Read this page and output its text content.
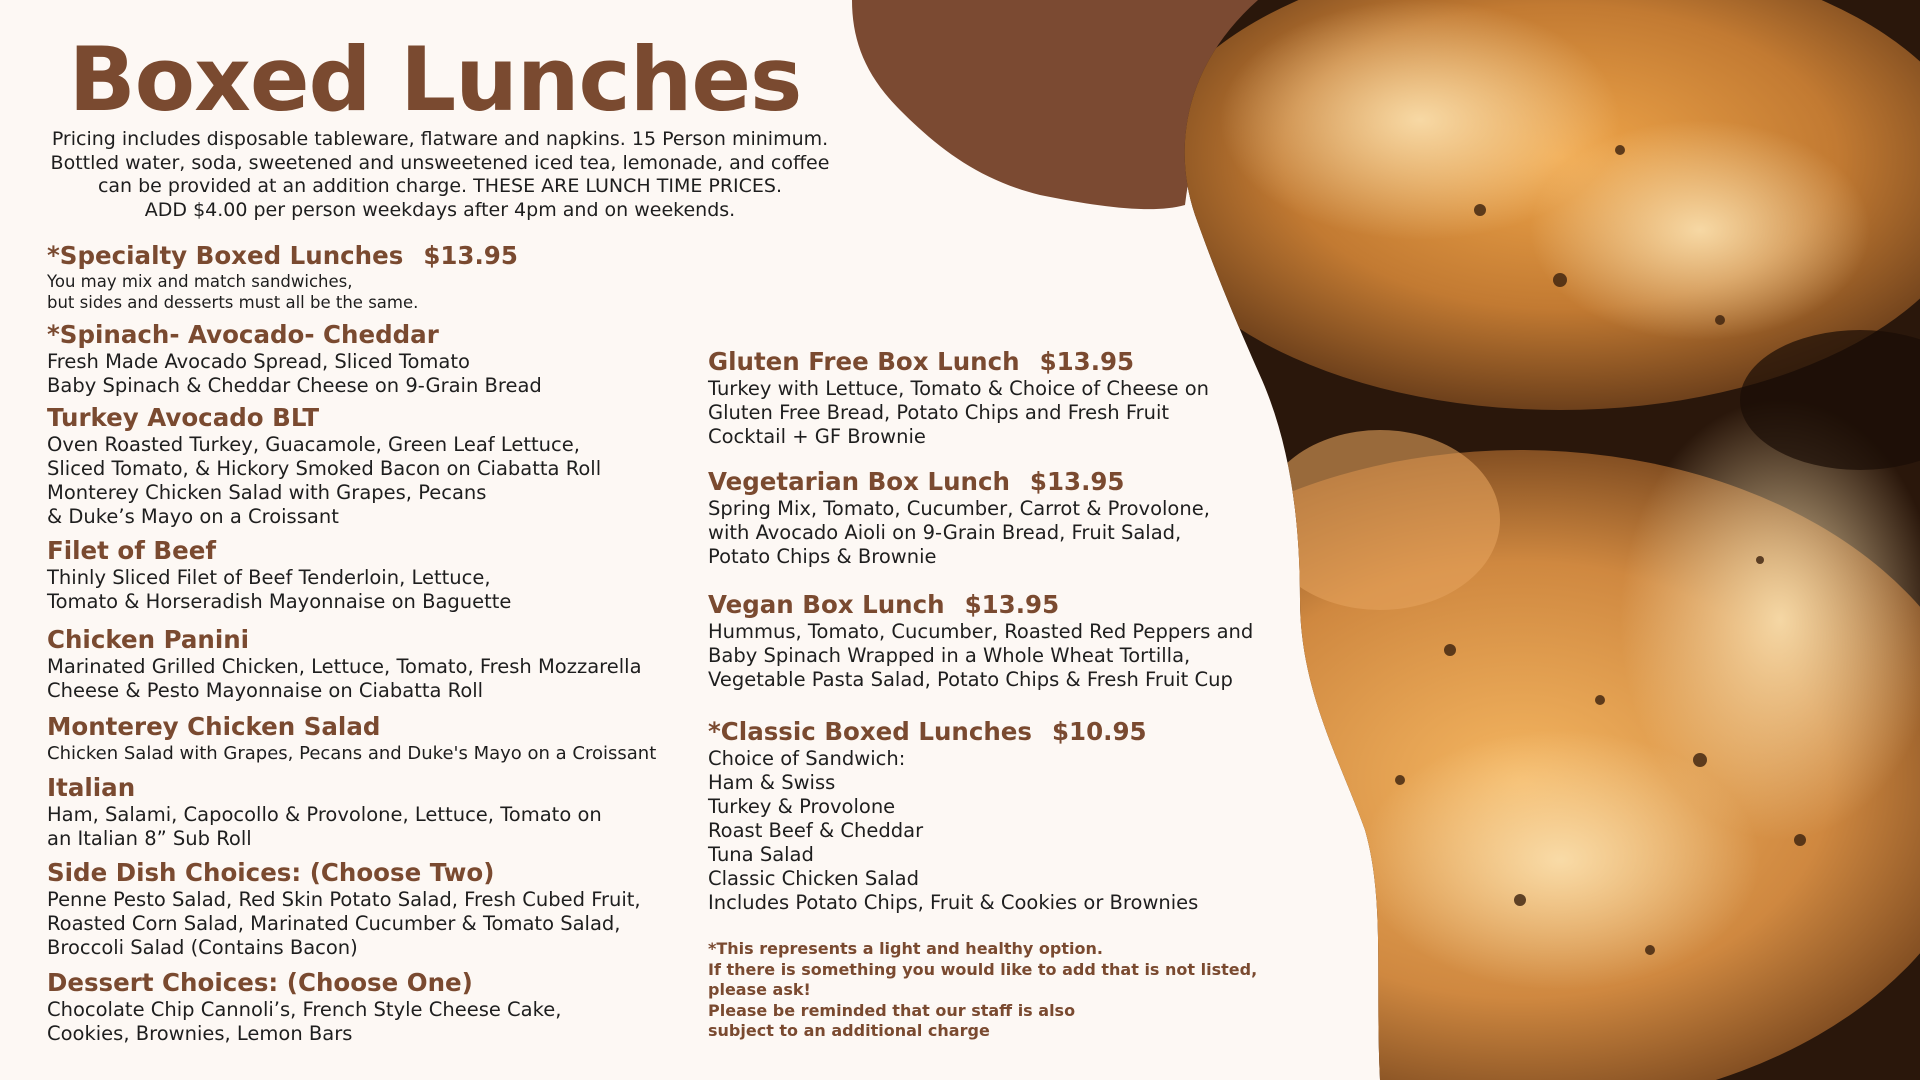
Boxed Lunches
Pricing includes disposable tableware, flatware and napkins. 15 Person minimum.
Bottled water, soda, sweetened and unsweetened iced tea, lemonade, and coffee
can be provided at an addition charge. THESE ARE LUNCH TIME PRICES.
ADD $4.00 per person weekdays after 4pm and on weekends.
*Specialty Boxed Lunches $13.95
You may mix and match sandwiches,
but sides and desserts must all be the same.
*Spinach- Avocado- Cheddar
Fresh Made Avocado Spread, Sliced Tomato
Baby Spinach & Cheddar Cheese on 9-Grain Bread
Turkey Avocado BLT
Oven Roasted Turkey, Guacamole, Green Leaf Lettuce,
Sliced Tomato, & Hickory Smoked Bacon on Ciabatta Roll
Monterey Chicken Salad with Grapes, Pecans
& Duke’s Mayo on a Croissant
Filet of Beef
Thinly Sliced Filet of Beef Tenderloin, Lettuce,
Tomato & Horseradish Mayonnaise on Baguette
Chicken Panini
Marinated Grilled Chicken, Lettuce, Tomato, Fresh Mozzarella
Cheese & Pesto Mayonnaise on Ciabatta Roll
Monterey Chicken Salad
Chicken Salad with Grapes, Pecans and Duke's Mayo on a Croissant
Italian
Ham, Salami, Capocollo & Provolone, Lettuce, Tomato on
an Italian 8” Sub Roll
Side Dish Choices: (Choose Two)
Penne Pesto Salad, Red Skin Potato Salad, Fresh Cubed Fruit,
Roasted Corn Salad, Marinated Cucumber & Tomato Salad,
Broccoli Salad (Contains Bacon)
Dessert Choices: (Choose One)
Chocolate Chip Cannoli’s, French Style Cheese Cake,
Cookies, Brownies, Lemon Bars
Gluten Free Box Lunch $13.95
Turkey with Lettuce, Tomato & Choice of Cheese on
Gluten Free Bread, Potato Chips and Fresh Fruit
Cocktail + GF Brownie
Vegetarian Box Lunch $13.95
Spring Mix, Tomato, Cucumber, Carrot & Provolone,
with Avocado Aioli on 9-Grain Bread, Fruit Salad,
Potato Chips & Brownie
Vegan Box Lunch $13.95
Hummus, Tomato, Cucumber, Roasted Red Peppers and
Baby Spinach Wrapped in a Whole Wheat Tortilla,
Vegetable Pasta Salad, Potato Chips & Fresh Fruit Cup
*Classic Boxed Lunches $10.95
Choice of Sandwich:
Ham & Swiss
Turkey & Provolone
Roast Beef & Cheddar
Tuna Salad
Classic Chicken Salad
Includes Potato Chips, Fruit & Cookies or Brownies
*This represents a light and healthy option.
If there is something you would like to add that is not listed,
please ask!
Please be reminded that our staff is also
subject to an additional charge
